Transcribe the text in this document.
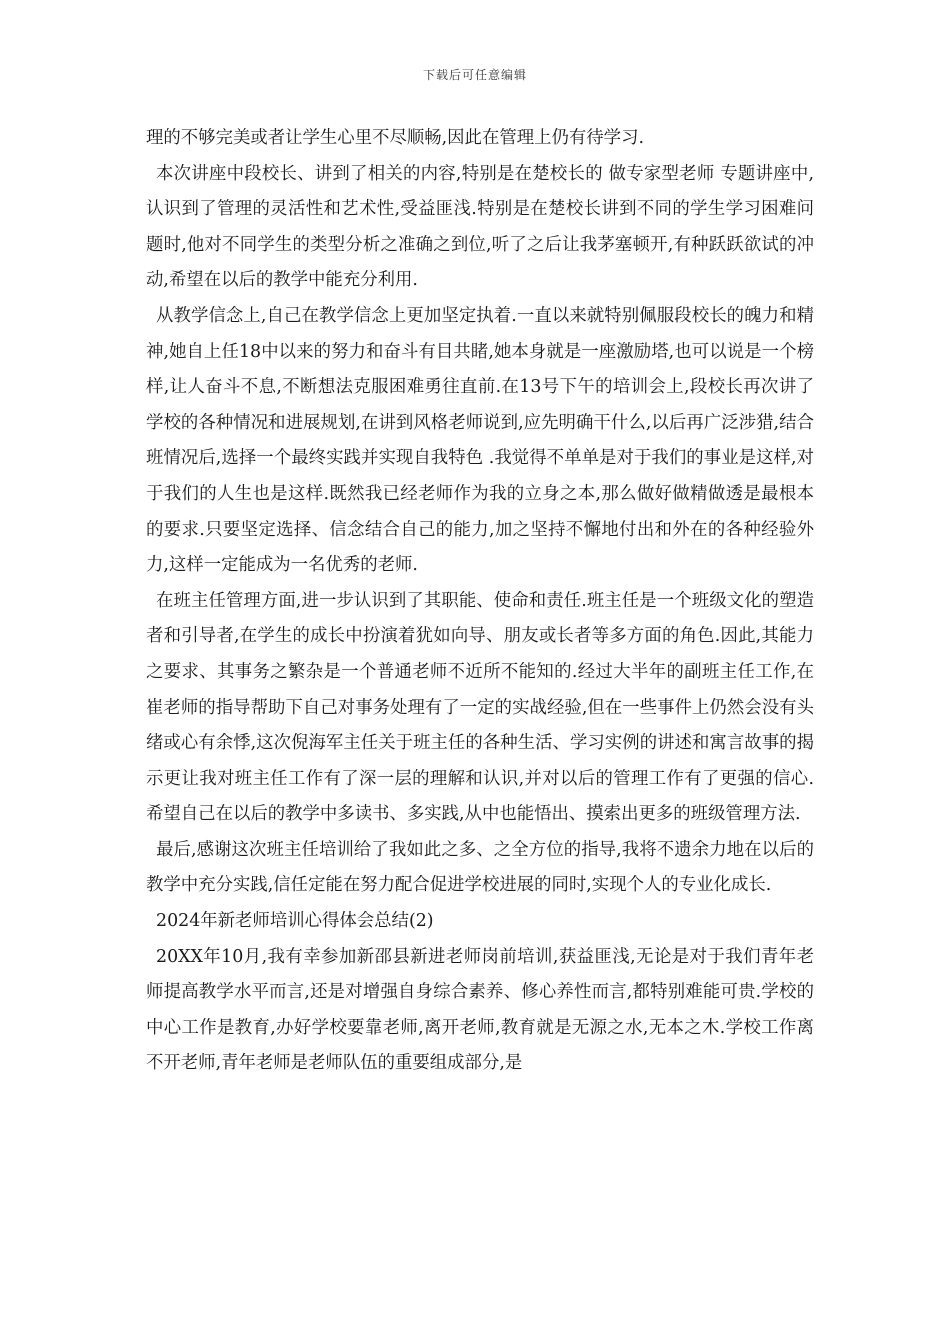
下载后可任意编辑

理的不够完美或者让学生心里不尽顺畅,因此在管理上仍有待学习.

本次讲座中段校长、讲到了相关的内容,特别是在楚校长的 做专家型老师 专题讲座中,认识到了管理的灵活性和艺术性,受益匪浅.特别是在楚校长讲到不同的学生学习困难问题时,他对不同学生的类型分析之准确之到位,听了之后让我茅塞顿开,有种跃跃欲试的冲动,希望在以后的教学中能充分利用.

从教学信念上,自己在教学信念上更加坚定执着.一直以来就特别佩服段校长的魄力和精神,她自上任18中以来的努力和奋斗有目共睹,她本身就是一座激励塔,也可以说是一个榜样,让人奋斗不息,不断想法克服困难勇往直前.在13号下午的培训会上,段校长再次讲了学校的各种情况和进展规划,在讲到风格老师说到,应先明确干什么,以后再广泛涉猎,结合班情况后,选择一个最终实践并实现自我特色 .我觉得不单单是对于我们的事业是这样,对于我们的人生也是这样.既然我已经老师作为我的立身之本,那么做好做精做透是最根本的要求.只要坚定选择、信念结合自己的能力,加之坚持不懈地付出和外在的各种经验外力,这样一定能成为一名优秀的老师.

在班主任管理方面,进一步认识到了其职能、使命和责任.班主任是一个班级文化的塑造者和引导者,在学生的成长中扮演着犹如向导、朋友或长者等多方面的角色.因此,其能力之要求、其事务之繁杂是一个普通老师不近所不能知的.经过大半年的副班主任工作,在崔老师的指导帮助下自己对事务处理有了一定的实战经验,但在一些事件上仍然会没有头绪或心有余悸,这次倪海军主任关于班主任的各种生活、学习实例的讲述和寓言故事的揭示更让我对班主任工作有了深一层的理解和认识,并对以后的管理工作有了更强的信心.希望自己在以后的教学中多读书、多实践,从中也能悟出、摸索出更多的班级管理方法.

最后,感谢这次班主任培训给了我如此之多、之全方位的指导,我将不遗余力地在以后的教学中充分实践,信任定能在努力配合促进学校进展的同时,实现个人的专业化成长.

2024年新老师培训心得体会总结(2)

20XX年10月,我有幸参加新邵县新进老师岗前培训,获益匪浅,无论是对于我们青年老师提高教学水平而言,还是对增强自身综合素养、修心养性而言,都特别难能可贵.学校的中心工作是教育,办好学校要靠老师,离开老师,教育就是无源之水,无本之木.学校工作离不开老师,青年老师是老师队伍的重要组成部分,是
